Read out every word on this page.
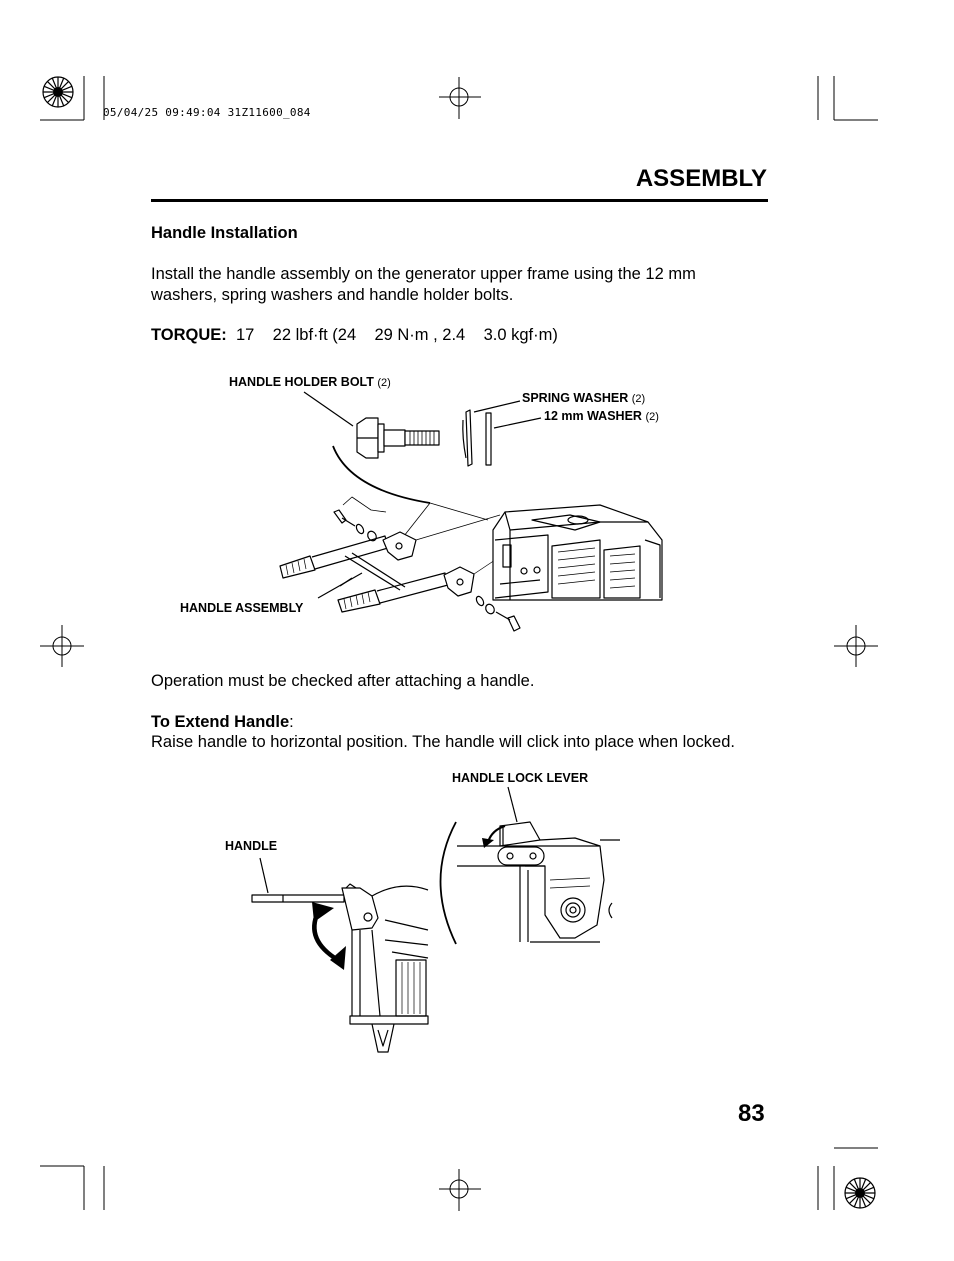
05/04/25 09:49:04 31Z11600_084
ASSEMBLY
Handle Installation
Install the handle assembly on the generator upper frame using the 12 mm washers, spring washers and handle holder bolts.
TORQUE: 17    22 lbf·ft (24    29 N·m , 2.4    3.0 kgf·m)
HANDLE HOLDER BOLT (2)
SPRING WASHER (2)
12 mm WASHER (2)
HANDLE ASSEMBLY
Operation must be checked after attaching a handle.
To Extend Handle:
Raise handle to horizontal position. The handle will click into place when locked.
HANDLE LOCK LEVER
HANDLE
83
